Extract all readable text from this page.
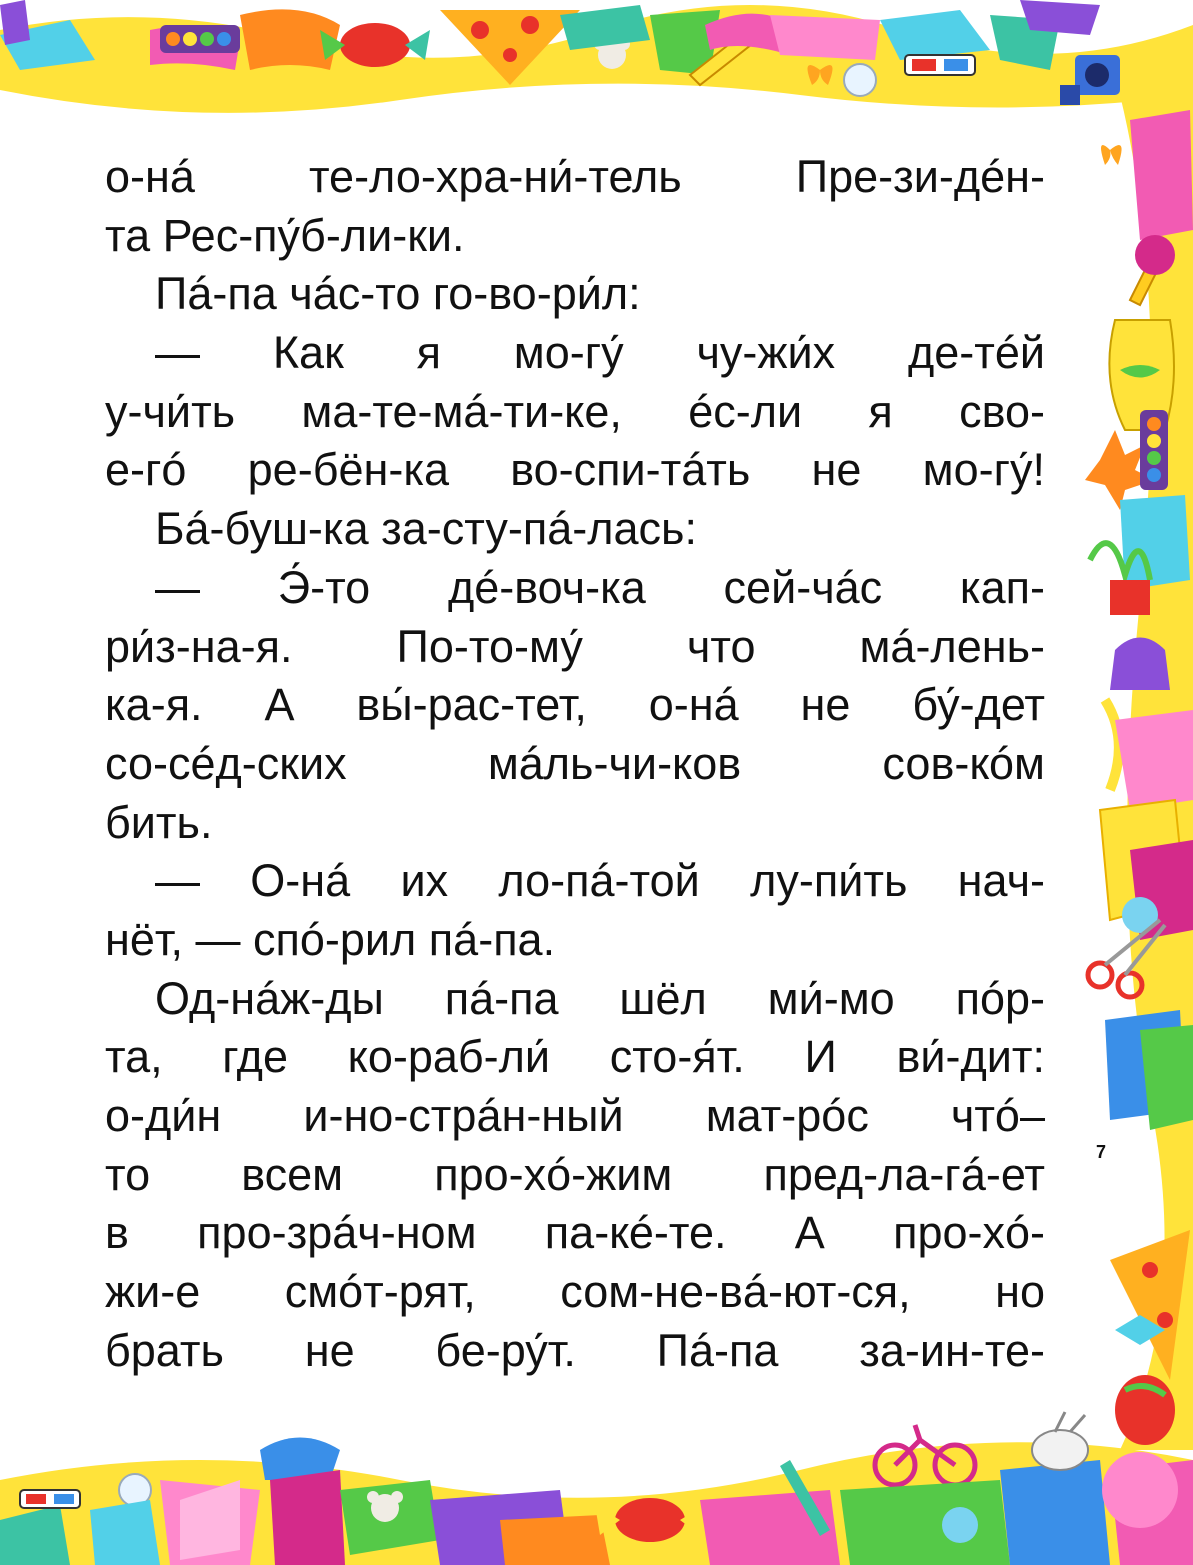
о-нá те-ло-хра-ни́-тель Пре-зи-дéн-
та Рес-пу́б-ли-ки.
Пá-па чáс-то го-во-ри́л:
— Как я мо-гу́ чу-жи́х де-тéй
у-чи́ть ма-те-мá-ти-ке, éс-ли я сво-
е-гó ре-бён-ка во-спи-тáть не мо-гу́!
Бá-буш-ка за-сту-пá-лась:
— Э́-то дé-воч-ка сей-чáс кап-
ри́з-на-я. По-то-му́ что мá-лень-
ка-я. А вы́-рас-тет, о-нá не бу́-дет
со-сéд-ских мáль-чи-ков сов-кóм
бить.
— О-нá их ло-пá-той лу-пи́ть нач-
нёт, — спó-рил пá-па.
Од-нáж-ды пá-па шёл ми́-мо пóр-
та, где ко-раб-ли́ сто-я́т. И ви́-дит:
о-ди́н и-но-стрáн-ный мат-рóс чтó–
то всем про-хó-жим пред-ла-гá-ет
в про-зрáч-ном па-кé-те. А про-хó-
жи-е смóт-рят, сом-не-вá-ют-ся, но
брать не бе-ру́т. Пá-па за-ин-те-
7
